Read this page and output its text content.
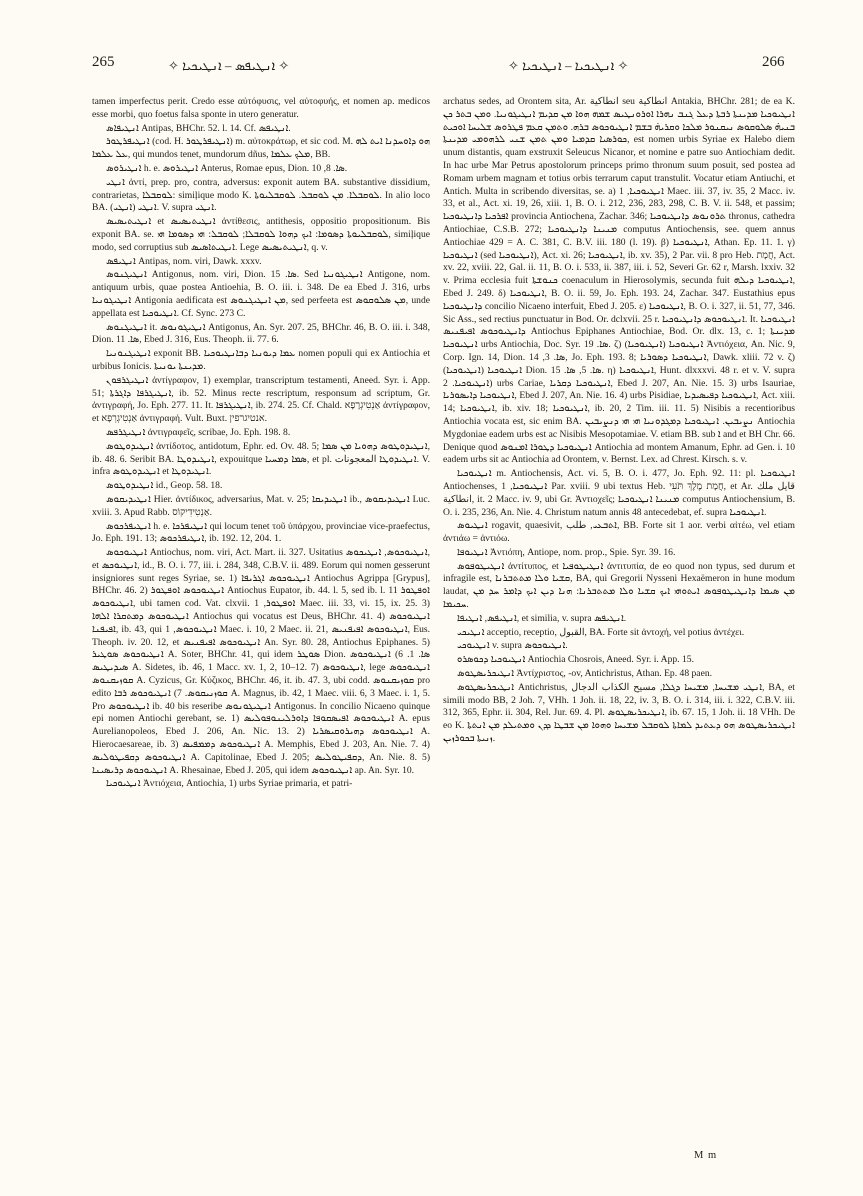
265	✧ ܐܢܛܝܦܣ – ܐܢܛܝܟܝܐ ✧	✧ ܐܢܛܝܟܝܐ – ܐܢܛܝܟܝܐ ✧	266

tamen imperfectus perit. Credo esse αὐτόφυσις, vel αὐτοφυής, et nomen ap. medicos esse morbi, quo foetus falsa sponte in utero generatur.

ܐܢܛܝܦܐܣ Antipas, BHChr. 52. l. 14. Cf. ܐܢܛܝܦܣ.

ܐܢܛܝܦܪܛܘܪ (cod. H. ܐܢܛܝܦܪܛܘܪ) m. αὐτοκράτωρ, et sic cod. M. ܗܘ ܕܐܘܚܕܢܐ ܐܝܬ ܠܗ ܥܠ ܥܠܡܐ, qui mundos tenet, mundorum dñus, ܡܠܟ ܥܠܡܐ, BB.

ܐܢܛܝܪܘܣ h. e. ܐܢܛܝܪܘܣ Anterus, Romae epus, Dion. ܣܐ. 8, 10.

ܐܢܛܝ ἀντί, prep. pro, contra, adversus: exponit autem BA. substantive dissidium, contrarietas, ܠܘܩܒܠܐ: simiļique modo K. ܠܘܩܒܠܐ. ܡܢ ܠܘܩܒܠ. ܠܘܩܒܠܝܘܬܐ. In alio loco BA. ܐܢܛܝ (ܐܢܛܝ). V. supra ܐܢܛܝ.

ܐܢܛܝܬܝܣܝܣ et ܐܢܛܝܬܝܣܝܣ ἀντίθεσις, antithesis, oppositio propositionum. Bis exponit BA. se. ܠܘܩܒܠܝܘܬܐ ܕܣܘܡܐ: ܐܝܟ ܕܗܘܐ ܠܘܩܒܠܐ; ܠܘܩܒܠ: ܗܝ ܕܣܘܡܐ ܗܝ, simiļique modo, sed corruptius sub ܐܢܛܝܬܐܣܝܣ. Lege ܐܢܛܝܬܝܣܝܣ, q. v.

ܐܢܛܝܦܣ Antipas, nom. viri, Dawk. xxxv.

ܐܢܛܝܓܢܘܣ Antigonus, nom. viri, Dion. ܣܐ. 15. Sed ܐܢܛܝܓܘܢܝܐ Antigone, nom. antiquum urbis, quae postea Antioehia, B. O. iii. i. 348. De ea Ebed J. 316, urbs ܐܢܛܝܓܘܢܝܐ Antigonia aedificata est ܡܢ ܐܢܛܝܓܢܘܣ, sed perfeeta est ܡܢ ܣܠܘܩܘܣ, unde appellata est ܐܢܛܝܘܟܝܐ. Cf. Sync. 273 C.

ܐܢܛܝܓܢܘܣ it. ܐܢܛܝܓܘܢܘܣ Antigonus, An. Syr. 207. 25, BHChr. 46, B. O. iii. i. 348, Dion. ܣܐ. 11, Ebed J. 316, Eus. Theoph. ii. 77. 6.

ܐܢܛܝܓܢܘܢܝܐ exponit BB. ܥܡܐ ܕܝܘܢܝܐ ܕܒܐܢܛܝܘܟܝܐ nomen populi qui ex Antiochia et urbibus Ionicis. ܡܕܝܢܬܐ ܝܘܢܝܬܐ.

ܐܢܛܝܓܪܦܘܢ ἀντίγραφον, 1) exemplar, transcriptum testamenti, Aneed. Syr. i. App. 51; ܐܢܛܝܓܪܦܐ ܕܐܓܪܬܐ, ib. 52. Minus recte rescriptum, responsum ad scriptum, Gr. ἀντιγραφή, Jo. Eph. 277. 11. It. ܐܢܛܝܓܪܦܐ, ib. 274. 25. Cf. Chald. אַנְטִיגְרָפָא ἀντίγραφον, et אַנְטִיגְרְפָא ἀντιγραφή. Vult. Buxt. אנטיגרפין.

ܐܢܛܝܓܪܦܣ ἀντιγραφεῖς, scribae, Jo. Eph. 198. 8.

ܐܢܛܝܕܘܛܘܣ ἀντίδοτος, antidotum, Ephr. ed. Ov. 48. 5; ܐܢܛܝܕܘܛܘܣ ܕܗܘܝܐ ܡܢ ܣܡܐ, ib. 48. 6. Seribit BA. ܐܢܛܝܕܘܛܐ, expouitque ܣܡܐ ܕܡܚܝܐ, et pl. ܐܢܛܝܕܘܛܐ المعجونات. V. infra ܐܢܛܝܕܘܛܘܣ et ܐܢܛܝܕܘܛܐ.

ܐܢܛܝܕܘܛܘܣ id., Geop. 58. 18.

ܐܢܛܝܕܝܩܘܣ Hier. ἀντίδικος, adversarius, Mat. v. 25; ܐܢܛܝܕܝܩܐ ib., ܐܢܛܝܕܝܩܘܣ Luc. xviii. 3. Apud Rabb. אַנְטִידִיקוֹס.

ܐܢܛܝܦܪܟܘܣ h. e. ܐܢܛܝܦܪܟܐ qui locum tenet τοῦ ὑπάρχου, provinciae vice-praefectus, Jo. Eph. 191. 13; ܐܢܛܝܦܪܟܘܣ, ib. 192. 12, 204. 1.

ܐܢܛܝܘܟܘܣ Antiochus, nom. viri, Act. Mart. ii. 327. Usitatius ܐܢܛܝܘܟܘܣ, ܐܢܛܝܟܘܣ, et ܐܢܛܝܘܟܣ, id., B. O. i. 77, iii. i. 284, 348, C.B.V. ii. 489. Eorum qui nomen gesserunt insigniores sunt reges Syriae, se. 1) ܐܢܛܝܘܟܘܣ ܐܓܪܝܦܐ Antiochus Agrippa [Grypus], BHChr. 46. 2) ܐܢܛܝܘܟܘܣ ܐܘܦܛܘܪ Antiochus Eupator, ib. 44. l. 5, sed ib. l. 11 ܐܘܦܛܘܪ ܐܢܛܝܘܟܘܣ, ubi tamen cod. Vat. clxvii. ܐܘܦܛܘܪ, 1 Maec. iii. 33, vi. 15, ix. 25. 3) ܐܢܛܝܘܟܘܣ ܕܡܬܩܪܐ ܐܠܗܐ Antiochus qui vocatus est Deus, BHChr. 41. 4) ܐܢܛܝܘܟܘܣ ܐܦܝܦܢܐ, ib. 43, qui ܐܢܛܝܘܟܘܣ, 1 Maec. i. 10, 2 Maec. ii. 21, ܐܢܛܝܘܟܘܣ ܐܦܝܦܢܝܣ, Eus. Theoph. iv. 20. 12, et ܐܢܛܝܘܟܘܣ ܐܦܝܦܢܝܣ An. Syr. 80. 28, Antiochus Epiphanes. 5) ܐܢܛܝܘܟܘܣ ܣܘܛܝܪ A. Soter, BHChr. 41, qui idem ܣܘܛܪ Dion. ܣܐ. 1. 6) ܐܢܛܝܘܟܘܣ ܣܝܕܝܛܝܣ A. Sidetes, ib. 46, 1 Macc. xv. 1, 2, 10–12. 7) ܐܢܛܝܘܟܘܣ, lege ܐܢܛܝܘܟܘܣ ܩܘܙܝܩܢܘܣ A. Cyzicus, Gr. Κύζικος, BHChr. 46, it. ib. 47. 3, ubi codd. ܩܘܙܝܩܢܘܣ pro edito ܩܘܙܢܝܩܘܣ. 7) ܐܢܛܝܘܟܘܣ ܪܒܐ A. Magnus, ib. 42, 1 Maec. viii. 6, 3 Maec. i. 1, 5. Pro ܐܢܛܝܘܟܘܣ ib. 40 bis reseribe ܐܢܛܝܓܘܢܘܣ Antigonus. In concilio Nicaeno quinque epi nomen Antiochi gerebant, se. 1) ܐܢܛܝܘܟܘܣ ܐܦܝܣܩܘܦܐ ܕܐܘܪܠܝܢܘܦܘܠܝܣ A. epus Aurelianopoleos, Ebed J. 206, An. Nic. 13. 2) ܐܢܛܝܘܟܘܣ ܕܗܝܪܘܩܝܣܪܝܐ A. Hierocaesareae, ib. 3) ܐܢܛܝܘܟܘܣ ܕܡܡܦܝܣ A. Memphis, Ebed J. 203, An. Nie. 7. 4) ܐܢܛܝܘܟܘܣ ܕܩܦܝܛܘܠܝܣ A. Capitolinae, Ebed J. 205; ܕܩܦܝܛܘܠܝܣ, An. Nie. 8. 5) ܐܢܛܝܘܟܘܣ ܕܪܝܣܝܢܐ A. Rhesainae, Ebed J. 205, qui idem ܐܢܛܝܘܟܘܣ ap. An. Syr. 10.

ܐܢܛܝܘܟܝܐ Ἀντιόχεια, Antiochia, 1) urbs Syriae primaria, et patri-

archatus sedes, ad Orontem sita, Ar. انطاكية seu انطاكية Antakia, BHChr. 281; de ea K. ܐܢܛܝܘܟܝܐ ܡܕܝܢܬܐ ܪܒܬܐ ܕܥܠ ܓܢܒ ܢܗܪܐ ܐܘܪܘܢܛܝܣ ܫܡܗ ܗܘܐ ܡܢ ܩܕܝܡ ܐܢܛܝܓܘܢܝܐ. ܘܡܢ ܒܬܪ ܟܢ ܒܢܝܗ̇ ܣܠܘܩܘܣ ܢܝܩܢܘܪ ܡܠܟܐ ܘܩܪܝܗ̇ ܒܫܡ ܐܢܛܝܘܟܘܣ ܒܪܗ. ܘܬܡܢ ܩܥܡ ܦܛܪܘܣ ܫܠܝܚܐ ܐܘܟܝܬ ܟܘܪܣܝܐ ܩܕܡܝܐ ܘܡܢ ܬܡܢ ܫܢܝ ܠܪܗܘܡܝ ܡܕܝܢܬܐ, est nomen urbis Syriae ex Halebo diem unum distantis, quam exstruxit Seleucus Nicanor, et nomine e patre suo Antiochiam dedit. In hac urbe Mar Petrus apostolorum princeps primo thronum suum posuit, sed postea ad Romam urbem magnam et totius orbis terrarum caput transtulit. Vocatur etiam Antiuchi, et Antich. Multa in scribendo diversitas, se. a) ܐܢܛܝܘܟܝܐ, 1 Maec. iii. 37, iv. 35, 2 Macc. iv. 33, et al., Act. xi. 19, 26, xiii. 1, B. O. i. 212, 236, 283, 298, C. B. V. ii. 548, et passim; ܐܦܪܟܝܐ ܕܐܢܛܝܘܟܝܐ provincia Antiochena, Zachar. 346; ܬܪܘܢܘܣ ܕܐܢܛܝܘܟܝܐ thronus, cathedra Antiochiae, C.S.B. 272; ܡܢܝܢܐ ܕܐܢܛܝܘܟܝܐ computus Antiochensis, see. quem annus Antiochiae 429 = A. C. 381, C. B.V. iii. 180 (l. 19). β) ܐܢܛܝܘܟܝܐ, Athan. Ep. 11. 1. γ) ܐܢܛܝܘܟܝܐ (sed ܐܢܛܝܘܟܝܐ), Act. xi. 26; ܐܢܛܝܘܟܝܐ, ib. xv. 35), 2 Par. vii. 8 pro Heb. חֲמָת, Act. xv. 22, xviii. 22, Gal. ii. 11, B. O. i. 533, ii. 387, iii. i. 52, Severi Gr. 62 r, Marsh. lxxiv. 32 v. Prima ecclesia fuit ܟܢܘܫܬܐ coenaculum in Hierosolymis, secunda fuit ܐܢܛܝܘܟܝܐ ܕܝܠܗ, Ebed J. 249. δ) ܐܢܛܝܘܟܝܐ, B. O. ii. 59, Jo. Eph. 193. 24, Zachar. 347. Eustathius epus ܕܐܢܛܝܘܟܝܐ concilio Nicaeno interfuit, Ebed J. 205. ε) ܐܢܛܝܘܟܝܐ, B. O. i. 327, ii. 51, 77, 346. Sic Ass., sed rectius punctuatur in Bod. Or. dclxvii. 25 r. ܐܢܛܝܘܟܘܣ ܕܐܢܛܝܘܟܝܐ. It. ܐܢܛܝܘܟܝܐ ܕܐܢܛܝܘܟܘܣ ܐܦܝܦܢܝܣ Antiochus Epiphanes Antiochiae, Bod. Or. dlx. 13, c. 1; ܡܕܝܢܬܐ ܐܢܛܝܘܟܝܐ urbs Antiochia, Doc. Syr. ܣܐ. 19. ζ) ܐܢܛܝܘܟܝܐ (ܐܢܛܝܘܟܝܐ) Ἀντιόχεια, An. Nic. 9, Corp. Ign. 14, Dion. ܣܐ. 3, 14, Jo. Eph. 193. 8; ܐܢܛܝܘܟܝܐ ܕܣܘܪܝܐ, Dawk. xliii. 72 v. ζ) ܐܢܛܝܘܟܝܐ (ܐܢܛܝܘܟܝܐ) Dion. ܣܐ. 5, ܣܐ. 15. η) ܐܢܛܝܘܟܝܐ, Hunt. dlxxxvi. 48 r. et v. V. supra ܐܢܛܝܘܟܝܐ. 2) urbs Cariae, ܐܢܛܝܘܟܝܐ ܕܩܪܝܐ, Ebed J. 207, An. Nie. 15. 3) urbs Isauriae, ܐܢܛܝܘܟܝܐ ܕܐܝܣܘܪܝܐ, Ebed J. 207, An. Nie. 16. 4) urbs Pisidiae, ܐܢܛܝܘܟܝܐ ܕܦܝܣܝܕܝܐ, Act. xiii. 14; ܐܢܛܝܘܟܝܐ, ib. xiv. 18; ܐܢܛܝܘܟܝܐ, ib. 20, 2 Tim. iii. 11. 5) Nisibis a recentioribus Antiochia vocata est, sic enim BA. ܢܨܝܒܝܢ. ܐܢܛܝܘܟܝܐ ܕܡܓܕܘܢܝܐ ܗܝ ܗܝ ܕܢܨܝܒܝܢ Antiochia Mygdoniae eadem urbs est ac Nisibis Mesopotamiae. V. etiam BB. sub ܐ and et BH Chr. 66. Denique quod ܐܢܛܝܘܟܝܐ ܕܛܘܪܐ ܐܡܢܘܣ Antiochia ad montem Amanum, Ephr. ad Gen. i. 10 eadem urbs sit ac Antiochia ad Orontem, v. Bernst. Lex. ad Chrest. Kirsch. s. v.

ܐܢܛܝܘܟܝܐ m. Antiochensis, Act. vi. 5, B. O. i. 477, Jo. Eph. 92. 11: pl. ܐܢܛܝܘܟܝܐ Antiochenses, ܐܢܛܝܘܟܝܐ, 1 Par. xviii. 9 ubi textus Heb. חֲמָת מֶלֶךְ תֹּעִי, et Ar. قايل ملك انطاكية, it. 2 Macc. iv. 9, ubi Gr. Ἀντιοχεῖς; ܡܢܝܢܐ ܐܢܛܝܘܟܝܐ computus Antiochensium, B. O. i. 235, 236, An. Nie. 4. Christum natum annis 48 antecedebat, ef. supra ܐܢܛܝܘܟܝܐ.

ܐܢܛܝܘܣ rogavit, quaesivit, ܐܬܒܥܝ, طلب, BB. Forte sit 1 aor. verbi αἰτέω, vel etiam ἀντιάω = ἀντιόω.

ܐܢܛܝܘܦܐ Ἀντιόπη, Antiope, nom. prop., Spie. Syr. 39. 16.

ܐܢܛܝܛܘܦܘܣ ἀντίτυπος, et ܐܢܛܝܛܘܦܝܐ ἀντιτυπία, de eo quod non typus, sed durum et infragile est, ܩܫܝܐ ܘܠܐ ܡܬܬܒܪܢܐ, BA, qui Gregorii Nysseni Hexaëmeron in hune modum laudat, ܡܢ ܣܝܡܐ ܕܐܢܛܝܛܘܦܘܣ ܐܝܬܘܗܝ ܐܝܟ ܩܫܝܐ ܘܠܐ ܡܬܬܒܪܢܐ: ܗܢܐ ܕܝܢ ܐܝܟ ܕܐܡܪ ܚܕ ܡܢ ܚܟܝܡܐ.

ܐܢܛܝܦܣ, ܐܢܛܝܦܐ, et similia, v. supra ܐܢܛܝܦܣ.

ܐܢܛܝܟܝ acceptio, receptio, القبول, BA. Forte sit ἀντοχή, vel potius ἀντέχει.

ܐܢܛܝܘܟܝ v. supra ܐܢܛܝܘܟܘܣ.

ܐܢܛܝܘܟܝܐ ܕܟܘܣܪܘ Antiochia Chosrois, Aneed. Syr. i. App. 15.

ܐܢܛܝܟܪܝܣܛܘܣ Ἀντίχριστος, -ov, Antichristus, Athan. Ep. 48 paen.

ܐܢܛܝܟܪܝܣܛܘܣ Antichristus, ܐܢܛܝ ܡܫܝܚܐ, ܡܫܝܚܐ ܕܓܠܐ, مسيح الكذاب الدجال, BA, et simili modo BB, 2 Joh. 7, VHh. 1 Joh. ii. 18, 22, iv. 3, B. O. i. 314, iii. i. 322, C.B.V. iii. 312, 365, Ephr. ii. 304, Rel. Jur. 69. 4. Pl. ܐܢܛܝܟܪܝܣܛܘܣ, ib. 67. 15, 1 Joh. ii. 18 VHh. De eo K. ܐܢܛܝܟܪܝܣܛܘܣ ܗܘ ܕܥܬܝܕ ܠܡܐܬܐ ܠܘܩܒܠ ܡܫܝܚܐ ܘܗܘܐ ܡܢ ܫܒܛܐ ܕܕܢ ܘܡܬܝܠܕ ܡܢ ܐܢܬܬܐ ܙܢܝܬܐ ܒܟܘܪܙܝܢ.

M m
